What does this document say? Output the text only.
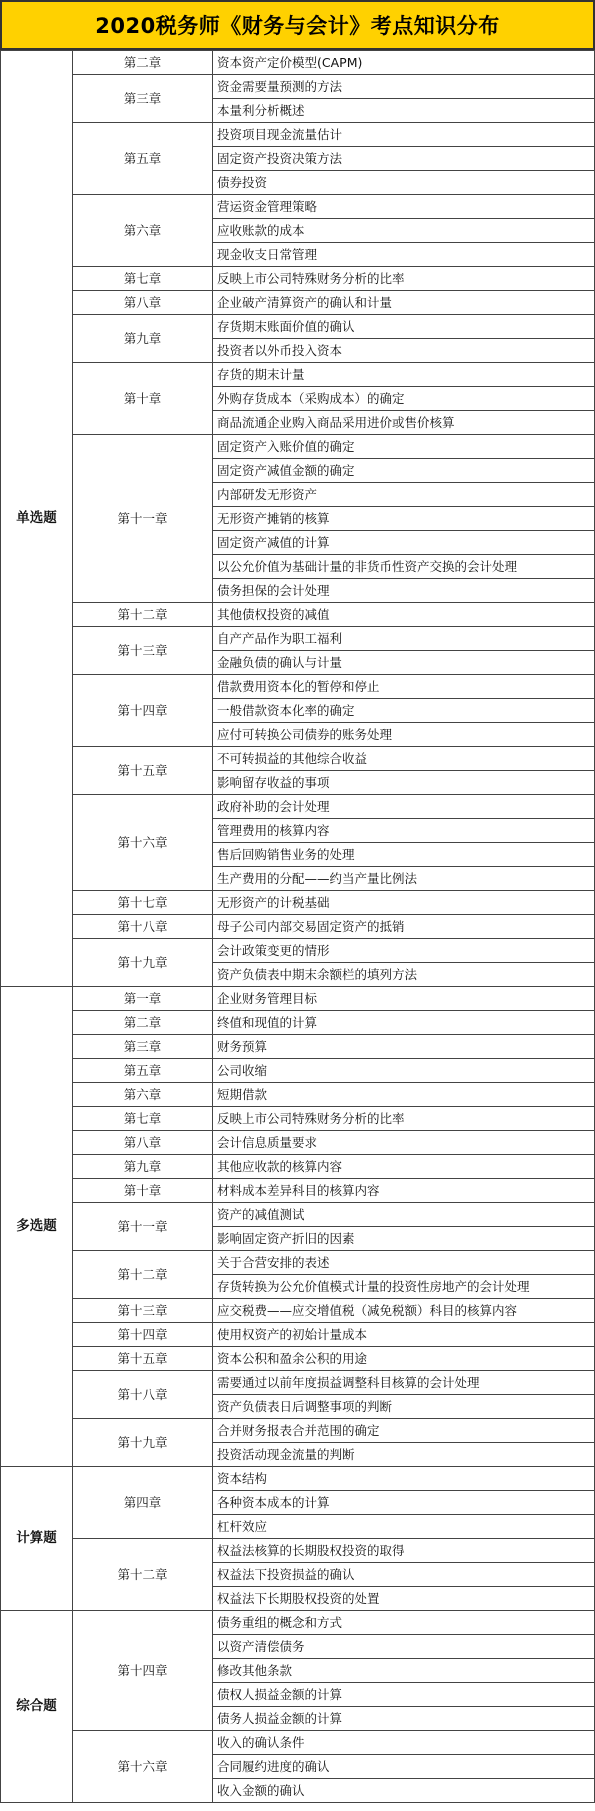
2020税务师《财务与会计》考点知识分布
单选题	第二章	资本资产定价模型(CAPM)
	第三章	资金需要量预测的方法
		本量利分析概述
	第五章	投资项目现金流量估计
		固定资产投资决策方法
		债券投资
	第六章	营运资金管理策略
		应收账款的成本
		现金收支日常管理
	第七章	反映上市公司特殊财务分析的比率
	第八章	企业破产清算资产的确认和计量
	第九章	存货期末账面价值的确认
		投资者以外币投入资本
	第十章	存货的期末计量
		外购存货成本（采购成本）的确定
		商品流通企业购入商品采用进价或售价核算
	第十一章	固定资产入账价值的确定
		固定资产减值金额的确定
		内部研发无形资产
		无形资产摊销的核算
		固定资产减值的计算
		以公允价值为基础计量的非货币性资产交换的会计处理
		债务担保的会计处理
	第十二章	其他债权投资的减值
	第十三章	自产产品作为职工福利
		金融负债的确认与计量
	第十四章	借款费用资本化的暂停和停止
		一般借款资本化率的确定
		应付可转换公司债券的账务处理
	第十五章	不可转损益的其他综合收益
		影响留存收益的事项
	第十六章	政府补助的会计处理
		管理费用的核算内容
		售后回购销售业务的处理
		生产费用的分配——约当产量比例法
	第十七章	无形资产的计税基础
	第十八章	母子公司内部交易固定资产的抵销
	第十九章	会计政策变更的情形
		资产负债表中期末余额栏的填列方法
多选题	第一章	企业财务管理目标
	第二章	终值和现值的计算
	第三章	财务预算
	第五章	公司收缩
	第六章	短期借款
	第七章	反映上市公司特殊财务分析的比率
	第八章	会计信息质量要求
	第九章	其他应收款的核算内容
	第十章	材料成本差异科目的核算内容
	第十一章	资产的减值测试
		影响固定资产折旧的因素
	第十二章	关于合营安排的表述
		存货转换为公允价值模式计量的投资性房地产的会计处理
	第十三章	应交税费——应交增值税（减免税额）科目的核算内容
	第十四章	使用权资产的初始计量成本
	第十五章	资本公积和盈余公积的用途
	第十八章	需要通过以前年度损益调整科目核算的会计处理
		资产负债表日后调整事项的判断
	第十九章	合并财务报表合并范围的确定
		投资活动现金流量的判断
计算题	第四章	资本结构
		各种资本成本的计算
		杠杆效应
	第十二章	权益法核算的长期股权投资的取得
		权益法下投资损益的确认
		权益法下长期股权投资的处置
综合题	第十四章	债务重组的概念和方式
		以资产清偿债务
		修改其他条款
		债权人损益金额的计算
		债务人损益金额的计算
	第十六章	收入的确认条件
		合同履约进度的确认
		收入金额的确认
